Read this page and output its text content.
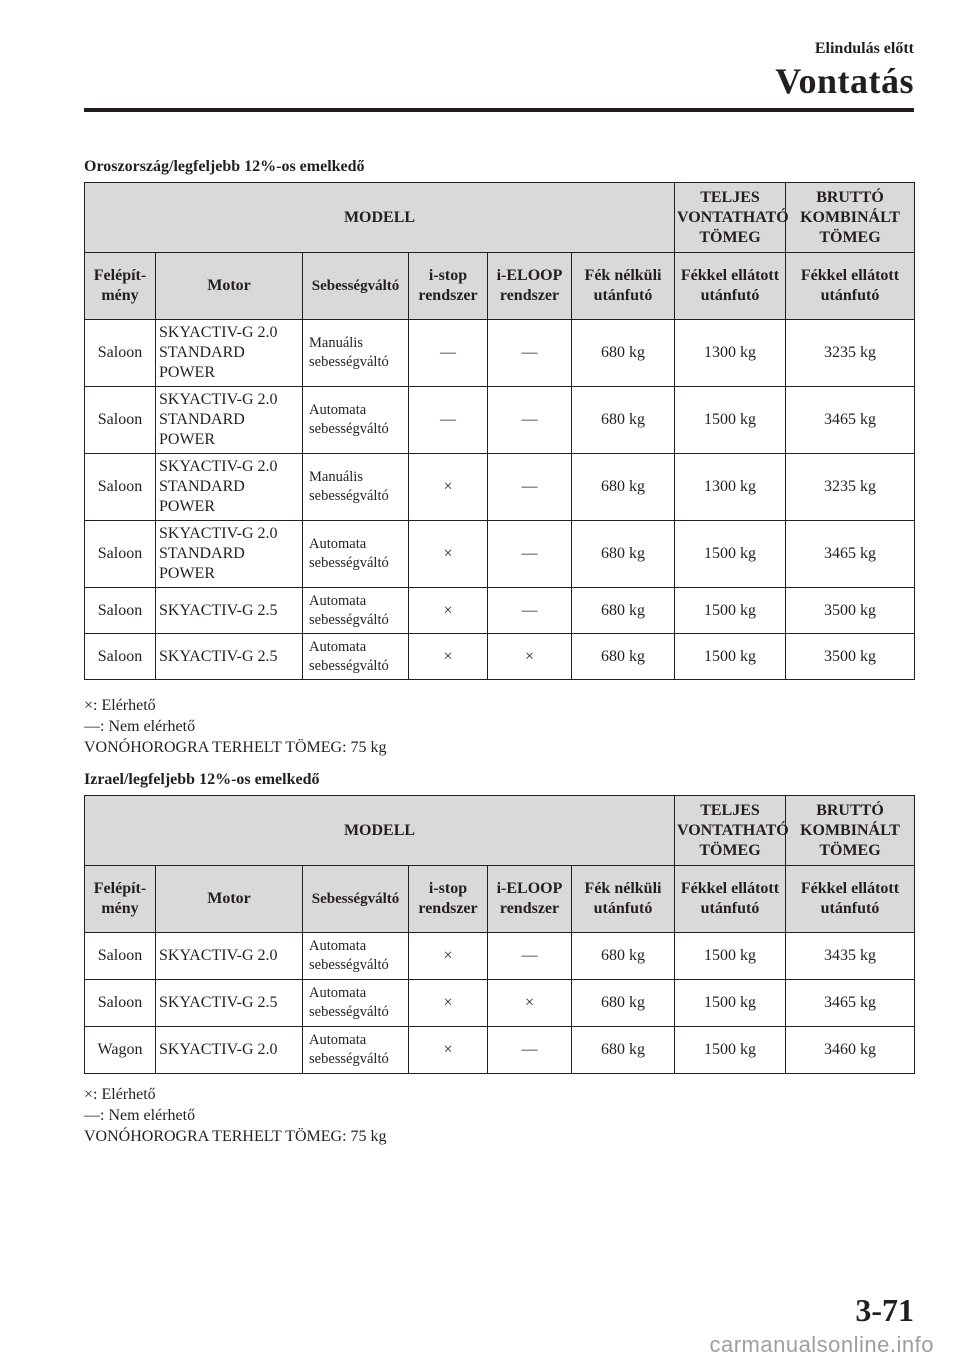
Elindulás előtt
Vontatás
Oroszország/legfeljebb 12%-os emelkedő
MODELL						TELJES VONTATHATÓ TÖMEG	BRUTTÓ KOMBINÁLT TÖMEG
Felépít-mény	Motor	Sebességváltó	i-stop rendszer	i-ELOOP rendszer	Fék nélküli utánfutó	Fékkel ellátott utánfutó	Fékkel ellátott utánfutó
Saloon	SKYACTIV-G 2.0 STANDARD POWER	Manuális sebességváltó	—	—	680 kg	1300 kg	3235 kg
Saloon	SKYACTIV-G 2.0 STANDARD POWER	Automata sebességváltó	—	—	680 kg	1500 kg	3465 kg
Saloon	SKYACTIV-G 2.0 STANDARD POWER	Manuális sebességváltó	×	—	680 kg	1300 kg	3235 kg
Saloon	SKYACTIV-G 2.0 STANDARD POWER	Automata sebességváltó	×	—	680 kg	1500 kg	3465 kg
Saloon	SKYACTIV-G 2.5	Automata sebességváltó	×	—	680 kg	1500 kg	3500 kg
Saloon	SKYACTIV-G 2.5	Automata sebességváltó	×	×	680 kg	1500 kg	3500 kg
×: Elérhető
—: Nem elérhető
VONÓHOROGRA TERHELT TÖMEG: 75 kg
Izrael/legfeljebb 12%-os emelkedő
MODELL						TELJES VONTATHATÓ TÖMEG	BRUTTÓ KOMBINÁLT TÖMEG
Felépít-mény	Motor	Sebességváltó	i-stop rendszer	i-ELOOP rendszer	Fék nélküli utánfutó	Fékkel ellátott utánfutó	Fékkel ellátott utánfutó
Saloon	SKYACTIV-G 2.0	Automata sebességváltó	×	—	680 kg	1500 kg	3435 kg
Saloon	SKYACTIV-G 2.5	Automata sebességváltó	×	×	680 kg	1500 kg	3465 kg
Wagon	SKYACTIV-G 2.0	Automata sebességváltó	×	—	680 kg	1500 kg	3460 kg
×: Elérhető
—: Nem elérhető
VONÓHOROGRA TERHELT TÖMEG: 75 kg
3-71
carmanualsonline.info
